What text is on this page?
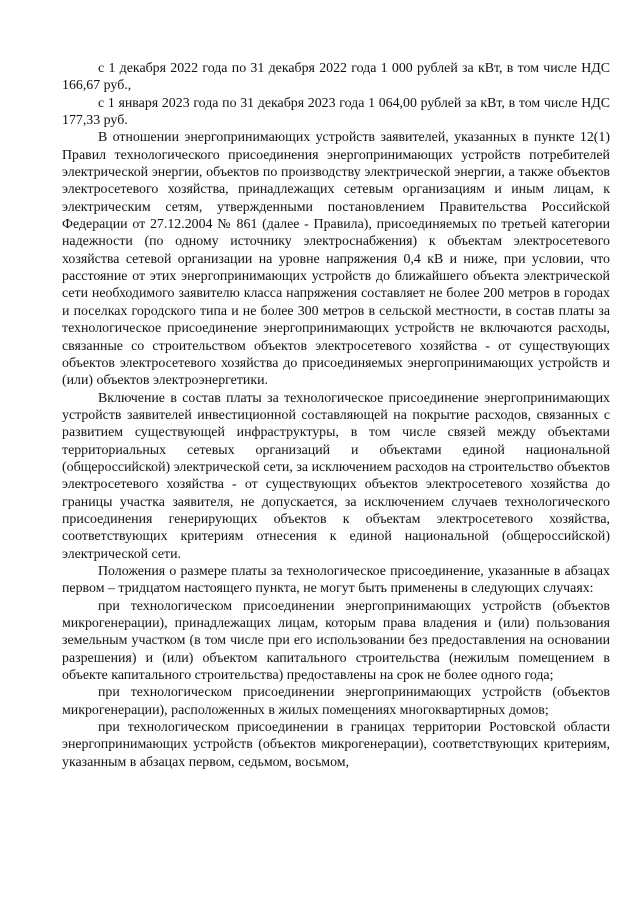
с 1 декабря 2022 года по 31 декабря 2022 года 1 000 рублей за кВт, в том числе НДС 166,67 руб.,

с 1 января 2023 года по 31 декабря 2023 года 1 064,00 рублей за кВт, в том числе НДС 177,33 руб.

В отношении энергопринимающих устройств заявителей, указанных в пункте 12(1) Правил технологического присоединения энергопринимающих устройств потребителей электрической энергии, объектов по производству электрической энергии, а также объектов электросетевого хозяйства, принадлежащих сетевым организациям и иным лицам, к электрическим сетям, утвержденными постановлением Правительства Российской Федерации от 27.12.2004 № 861 (далее - Правила), присоединяемых по третьей категории надежности (по одному источнику электроснабжения) к объектам электросетевого хозяйства сетевой организации на уровне напряжения 0,4 кВ и ниже, при условии, что расстояние от этих энергопринимающих устройств до ближайшего объекта электрической сети необходимого заявителю класса напряжения составляет не более 200 метров в городах и поселках городского типа и не более 300 метров в сельской местности, в состав платы за технологическое присоединение энергопринимающих устройств не включаются расходы, связанные со строительством объектов электросетевого хозяйства - от существующих объектов электросетевого хозяйства до присоединяемых энергопринимающих устройств и (или) объектов электроэнергетики.

Включение в состав платы за технологическое присоединение энергопринимающих устройств заявителей инвестиционной составляющей на покрытие расходов, связанных с развитием существующей инфраструктуры, в том числе связей между объектами территориальных сетевых организаций и объектами единой национальной (общероссийской) электрической сети, за исключением расходов на строительство объектов электросетевого хозяйства - от существующих объектов электросетевого хозяйства до границы участка заявителя, не допускается, за исключением случаев технологического присоединения генерирующих объектов к объектам электросетевого хозяйства, соответствующих критериям отнесения к единой национальной (общероссийской) электрической сети.

Положения о размере платы за технологическое присоединение, указанные в абзацах первом – тридцатом настоящего пункта, не могут быть применены в следующих случаях:

при технологическом присоединении энергопринимающих устройств (объектов микрогенерации), принадлежащих лицам, которым права владения и (или) пользования земельным участком (в том числе при его использовании без предоставления на основании разрешения) и (или) объектом капитального строительства (нежилым помещением в объекте капитального строительства) предоставлены на срок не более одного года;

при технологическом присоединении энергопринимающих устройств (объектов микрогенерации), расположенных в жилых помещениях многоквартирных домов;

при технологическом присоединении в границах территории Ростовской области энергопринимающих устройств (объектов микрогенерации), соответствующих критериям, указанным в абзацах первом, седьмом, восьмом,
